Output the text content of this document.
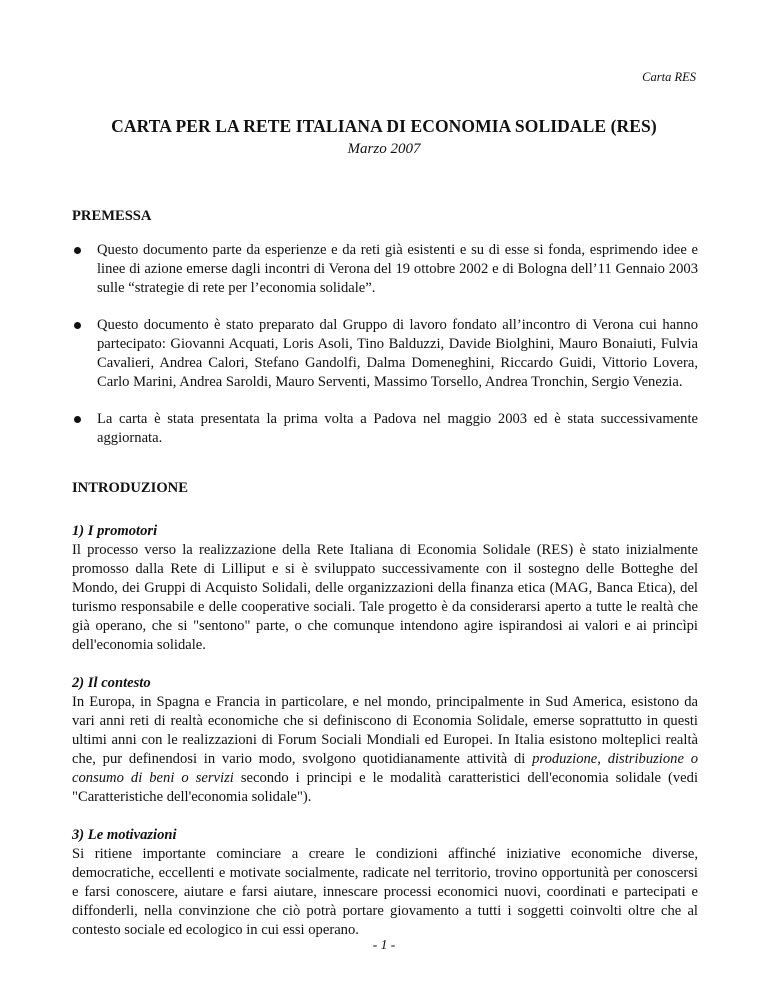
Carta RES
CARTA PER LA RETE ITALIANA DI ECONOMIA SOLIDALE (RES)
Marzo 2007
PREMESSA
Questo documento parte da esperienze e da reti già esistenti e su di esse si fonda, esprimendo idee e linee di azione emerse dagli incontri di Verona del 19 ottobre 2002 e di Bologna dell’11 Gennaio 2003 sulle “strategie di rete per l’economia solidale”.
Questo documento è stato preparato dal Gruppo di lavoro fondato all’incontro di Verona cui hanno partecipato: Giovanni Acquati, Loris Asoli, Tino Balduzzi, Davide Biolghini, Mauro Bonaiuti, Fulvia Cavalieri, Andrea Calori, Stefano Gandolfi, Dalma Domeneghini, Riccardo Guidi, Vittorio Lovera, Carlo Marini, Andrea Saroldi, Mauro Serventi, Massimo Torsello, Andrea Tronchin, Sergio Venezia.
La carta è stata presentata la prima volta a Padova nel maggio 2003 ed è stata successivamente aggiornata.
INTRODUZIONE

1) I promotori

Il processo verso la realizzazione della Rete Italiana di Economia Solidale (RES) è stato inizialmente promosso dalla Rete di Lilliput e si è sviluppato successivamente con il sostegno delle Botteghe del Mondo, dei Gruppi di Acquisto Solidali, delle organizzazioni della finanza etica (MAG, Banca Etica), del turismo responsabile e delle cooperative sociali. Tale progetto è da considerarsi aperto a tutte le realtà che già operano, che si "sentono" parte, o che comunque intendono agire ispirandosi ai valori e ai princìpi dell'economia solidale.

2) Il contesto

In Europa, in Spagna e Francia in particolare, e nel mondo, principalmente in Sud America, esistono da vari anni reti di realtà economiche che si definiscono di Economia Solidale, emerse soprattutto in questi ultimi anni con le realizzazioni di Forum Sociali Mondiali ed Europei. In Italia esistono molteplici realtà che, pur definendosi in vario modo, svolgono quotidianamente attività di produzione, distribuzione o consumo di beni o servizi secondo i principi e le modalità caratteristici dell'economia solidale (vedi "Caratteristiche dell'economia solidale").

3) Le motivazioni

Si ritiene importante cominciare a creare le condizioni affinché iniziative economiche diverse, democratiche, eccellenti e motivate socialmente, radicate nel territorio, trovino opportunità per conoscersi e farsi conoscere, aiutare e farsi aiutare, innescare processi economici nuovi, coordinati e partecipati e diffonderli, nella convinzione che ciò potrà portare giovamento a tutti i soggetti coinvolti oltre che al contesto sociale ed ecologico in cui essi operano.

- 1 -
